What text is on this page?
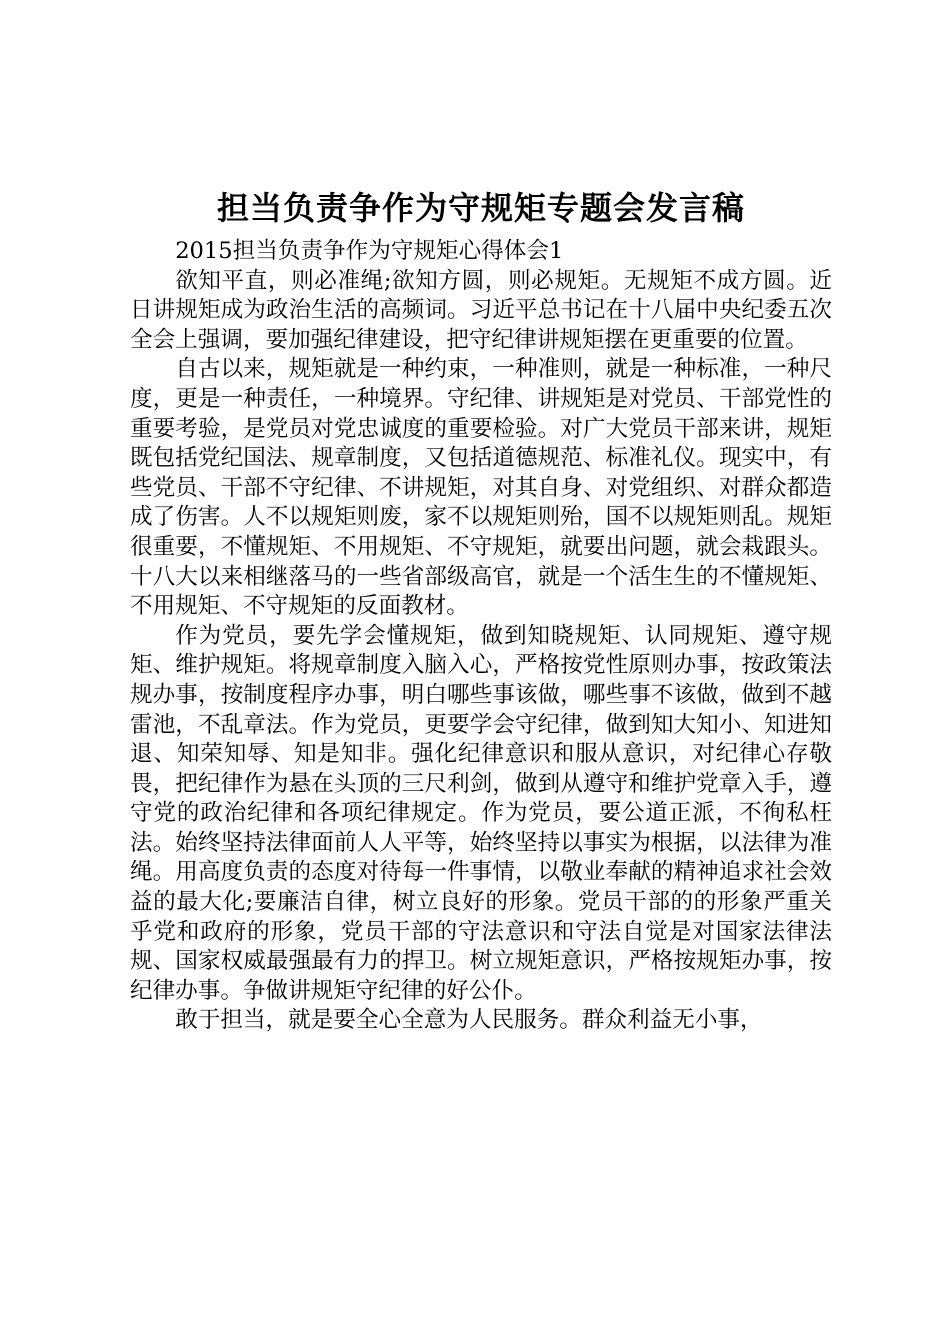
担当负责争作为守规矩专题会发言稿

2015担当负责争作为守规矩心得体会1

欲知平直，则必准绳;欲知方圆，则必规矩。无规矩不成方圆。近日讲规矩成为政治生活的高频词。习近平总书记在十八届中央纪委五次全会上强调，要加强纪律建设，把守纪律讲规矩摆在更重要的位置。

自古以来，规矩就是一种约束，一种准则，就是一种标准，一种尺度，更是一种责任，一种境界。守纪律、讲规矩是对党员、干部党性的重要考验，是党员对党忠诚度的重要检验。对广大党员干部来讲，规矩既包括党纪国法、规章制度，又包括道德规范、标准礼仪。现实中，有些党员、干部不守纪律、不讲规矩，对其自身、对党组织、对群众都造成了伤害。人不以规矩则废，家不以规矩则殆，国不以规矩则乱。规矩很重要，不懂规矩、不用规矩、不守规矩，就要出问题，就会栽跟头。十八大以来相继落马的一些省部级高官，就是一个活生生的不懂规矩、不用规矩、不守规矩的反面教材。

作为党员，要先学会懂规矩，做到知晓规矩、认同规矩、遵守规矩、维护规矩。将规章制度入脑入心，严格按党性原则办事，按政策法规办事，按制度程序办事，明白哪些事该做，哪些事不该做，做到不越雷池，不乱章法。作为党员，更要学会守纪律，做到知大知小、知进知退、知荣知辱、知是知非。强化纪律意识和服从意识，对纪律心存敬畏，把纪律作为悬在头顶的三尺利剑，做到从遵守和维护党章入手，遵守党的政治纪律和各项纪律规定。作为党员，要公道正派，不徇私枉法。始终坚持法律面前人人平等，始终坚持以事实为根据，以法律为准绳。用高度负责的态度对待每一件事情，以敬业奉献的精神追求社会效益的最大化;要廉洁自律，树立良好的形象。党员干部的的形象严重关乎党和政府的形象，党员干部的守法意识和守法自觉是对国家法律法规、国家权威最强最有力的捍卫。树立规矩意识，严格按规矩办事，按纪律办事。争做讲规矩守纪律的好公仆。

敢于担当，就是要全心全意为人民服务。群众利益无小事，
